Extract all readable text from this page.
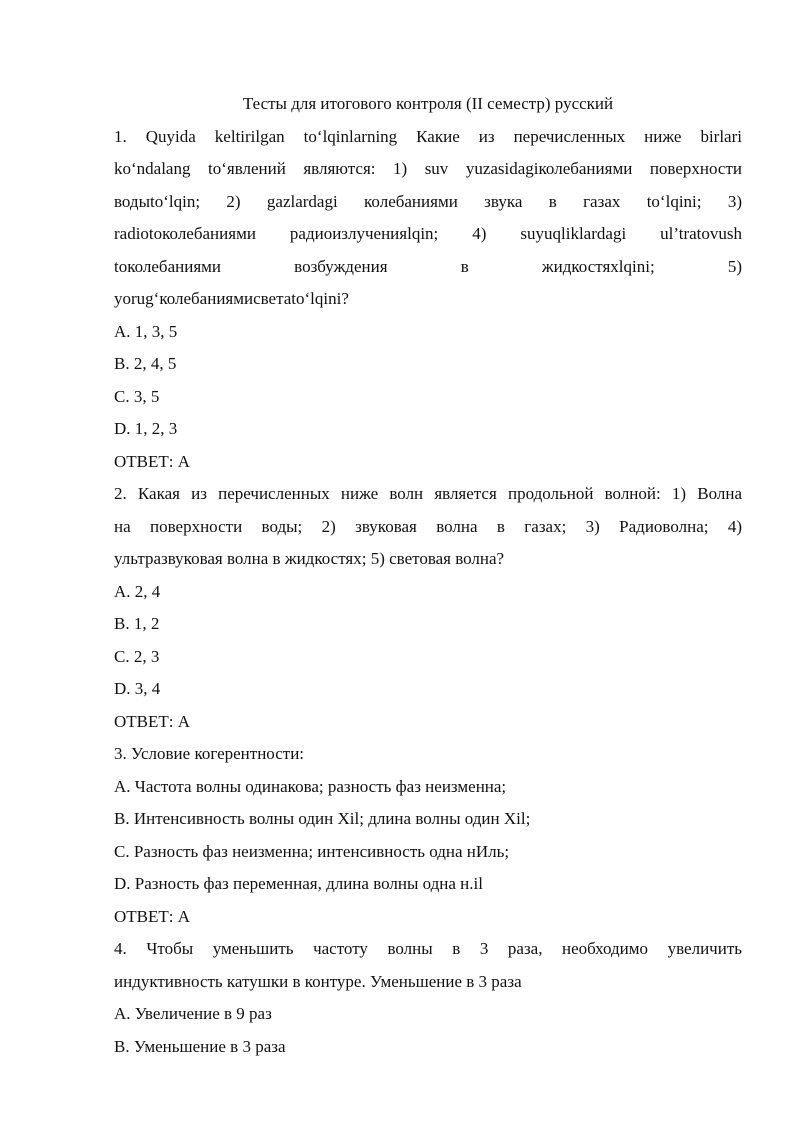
Тесты для итогового контроля (II семестр) русский

1. Quyida keltirilgan to‘lqinlarning Какие из перечисленных ниже birlari
ko‘ndalang to‘явлений являются: 1) suv yuzasidagiколебаниями поверхности
водыto‘lqin; 2) gazlardagi колебаниями звука в газах to‘lqini; 3)
radiotoколебаниями радиоизлученияlqin; 4) suyuqliklardagi ul’tratovush
toколебаниями возбуждения в жидкостяхlqini; 5)

yorug‘колебаниямисветаto‘lqini?

A. 1, 3, 5

B. 2, 4, 5

C. 3, 5

D. 1, 2, 3

ОТВЕТ: А

2. Какая из перечисленных ниже волн является продольной волной: 1) Волна
на поверхности воды; 2) звуковая волна в газах; 3) Радиоволна; 4)

ультразвуковая волна в жидкостях; 5) световая волна?

A. 2, 4

B. 1, 2

C. 2, 3

D. 3, 4

ОТВЕТ: А

3. Условие когерентности:

A. Частота волны одинакова; разность фаз неизменна;

B. Интенсивность волны один Xil; длина волны один Xil;

C. Разность фаз неизменна; интенсивность одна нИль;

D. Разность фаз переменная, длина волны одна н.il

ОТВЕТ: А

4. Чтобы уменьшить частоту волны в 3 раза, необходимо увеличить

индуктивность катушки в контуре. Уменьшение в 3 раза

A. Увеличение в 9 раз

B. Уменьшение в 3 раза
